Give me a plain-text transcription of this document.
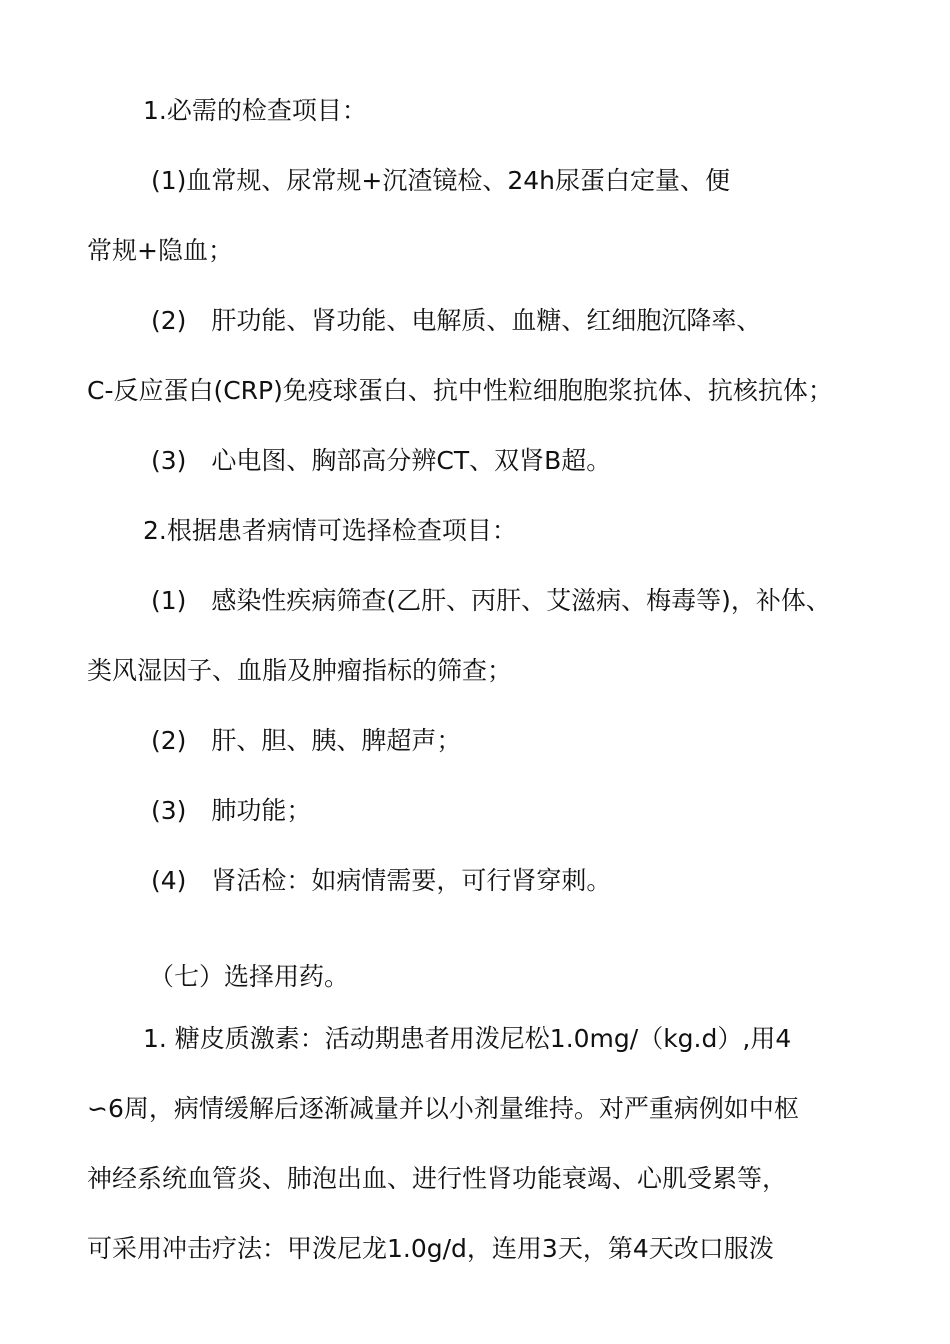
1.必需的检查项目：
(1)血常规、尿常规+沉渣镜检、24h尿蛋白定量、便
常规+隐血；
(2)　肝功能、肾功能、电解质、血糖、红细胞沉降率、
C-反应蛋白(CRP)免疫球蛋白、抗中性粒细胞胞浆抗体、抗核抗体；
(3)　心电图、胸部高分辨CT、双肾B超。
2.根据患者病情可选择检查项目：
(1)　感染性疾病筛查(乙肝、丙肝、艾滋病、梅毒等)，补体、
类风湿因子、血脂及肿瘤指标的筛查；
(2)　肝、胆、胰、脾超声；
(3)　肺功能；
(4)　肾活检：如病情需要，可行肾穿刺。
（七）选择用药。
1. 糖皮质激素：活动期患者用泼尼松1.0mg/（kg.d）,用4
∽6周，病情缓解后逐渐减量并以小剂量维持。对严重病例如中枢
神经系统血管炎、肺泡出血、进行性肾功能衰竭、心肌受累等，
可采用冲击疗法：甲泼尼龙1.0g/d，连用3天，第4天改口服泼
